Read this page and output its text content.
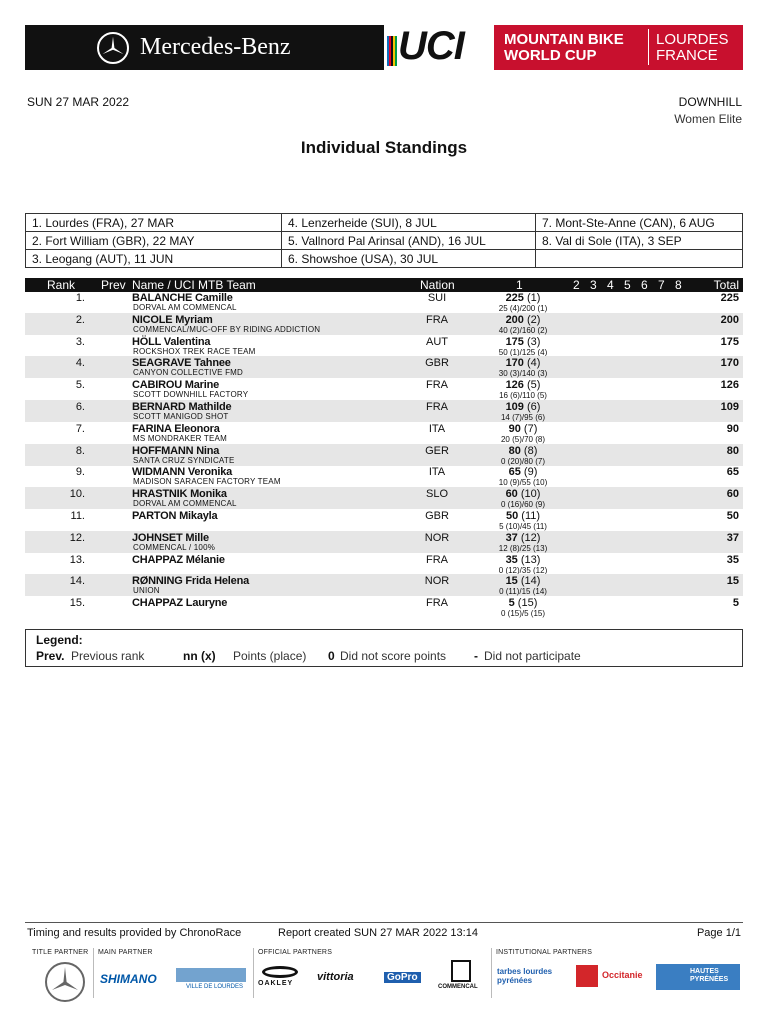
Mercedes-Benz	UCI	MOUNTAIN BIKE WORLD CUP
LOURDES
FRANCE
SUN 27 MAR 2022	DOWNHILL
Women Elite
Individual Standings
1. Lourdes (FRA), 27 MAR	4. Lenzerheide (SUI), 8 JUL	7. Mont-Ste-Anne (CAN), 6 AUG
2. Fort William (GBR), 22 MAY	5. Vallnord Pal Arinsal (AND), 16 JUL	8. Val di Sole (ITA), 3 SEP
3. Leogang (AUT), 11 JUN	6. Showshoe (USA), 30 JUL	
Rank Prev Name / UCI MTB Team	Nation	1	2 3 4 5 6 7 8	Total
1.	BALANCHE Camille
DORVAL AM COMMENCAL
SUI	225 (1)
25 (4)/200 (1)
225
2.	NICOLE Myriam
COMMENCAL/MUC-OFF BY RIDING ADDICTION
FRA	200 (2)
40 (2)/160 (2)
200
3.	HÖLL Valentina
ROCKSHOX TREK RACE TEAM
AUT	175 (3)
50 (1)/125 (4)
175
4.	SEAGRAVE Tahnee
CANYON COLLECTIVE FMD
GBR	170 (4)
30 (3)/140 (3)
170
5.	CABIROU Marine
SCOTT DOWNHILL FACTORY
FRA	126 (5)
16 (6)/110 (5)
126
6.	BERNARD Mathilde
SCOTT MANIGOD SHOT
FRA	109 (6)
14 (7)/95 (6)
109
7.	FARINA Eleonora
MS MONDRAKER TEAM
ITA	90 (7)
20 (5)/70 (8)
90
8.	HOFFMANN Nina
SANTA CRUZ SYNDICATE
GER	80 (8)
0 (20)/80 (7)
80
9.	WIDMANN Veronika
MADISON SARACEN FACTORY TEAM
ITA	65 (9)
10 (9)/55 (10)
65
10.	HRASTNIK Monika
DORVAL AM COMMENCAL
SLO	60 (10)
0 (16)/60 (9)
60
11.	PARTON Mikayla	GBR	50 (11)
5 (10)/45 (11)
50
12.	JOHNSET Mille
COMMENCAL / 100%
NOR	37 (12)
12 (8)/25 (13)
37
13.	CHAPPAZ Mélanie	FRA	35 (13)
0 (12)/35 (12)
35
14.	RØNNING Frida Helena
UNION
NOR	15 (14)
0 (11)/15 (14)
15
15.	CHAPPAZ Lauryne	FRA	5 (15)
0 (15)/5 (15)
5
Legend:
Prev. Previous rank	nn (x) Points (place) 0 Did not score points - Did not participate
Timing and results provided by ChronoRace	Report created SUN 27 MAR 2022 13:14	Page 1/1
TITLE PARTNER MAIN PARTNER	OFFICIAL PARTNERS	INSTITUTIONAL PARTNERS
SHIMANO
VILLE DE LOURDES OAKLEY
vittoria	GoPro
COMMENCAL
tarbes lourdes pyrénées
Occitanie	HAUTES PYRÉNÉES
